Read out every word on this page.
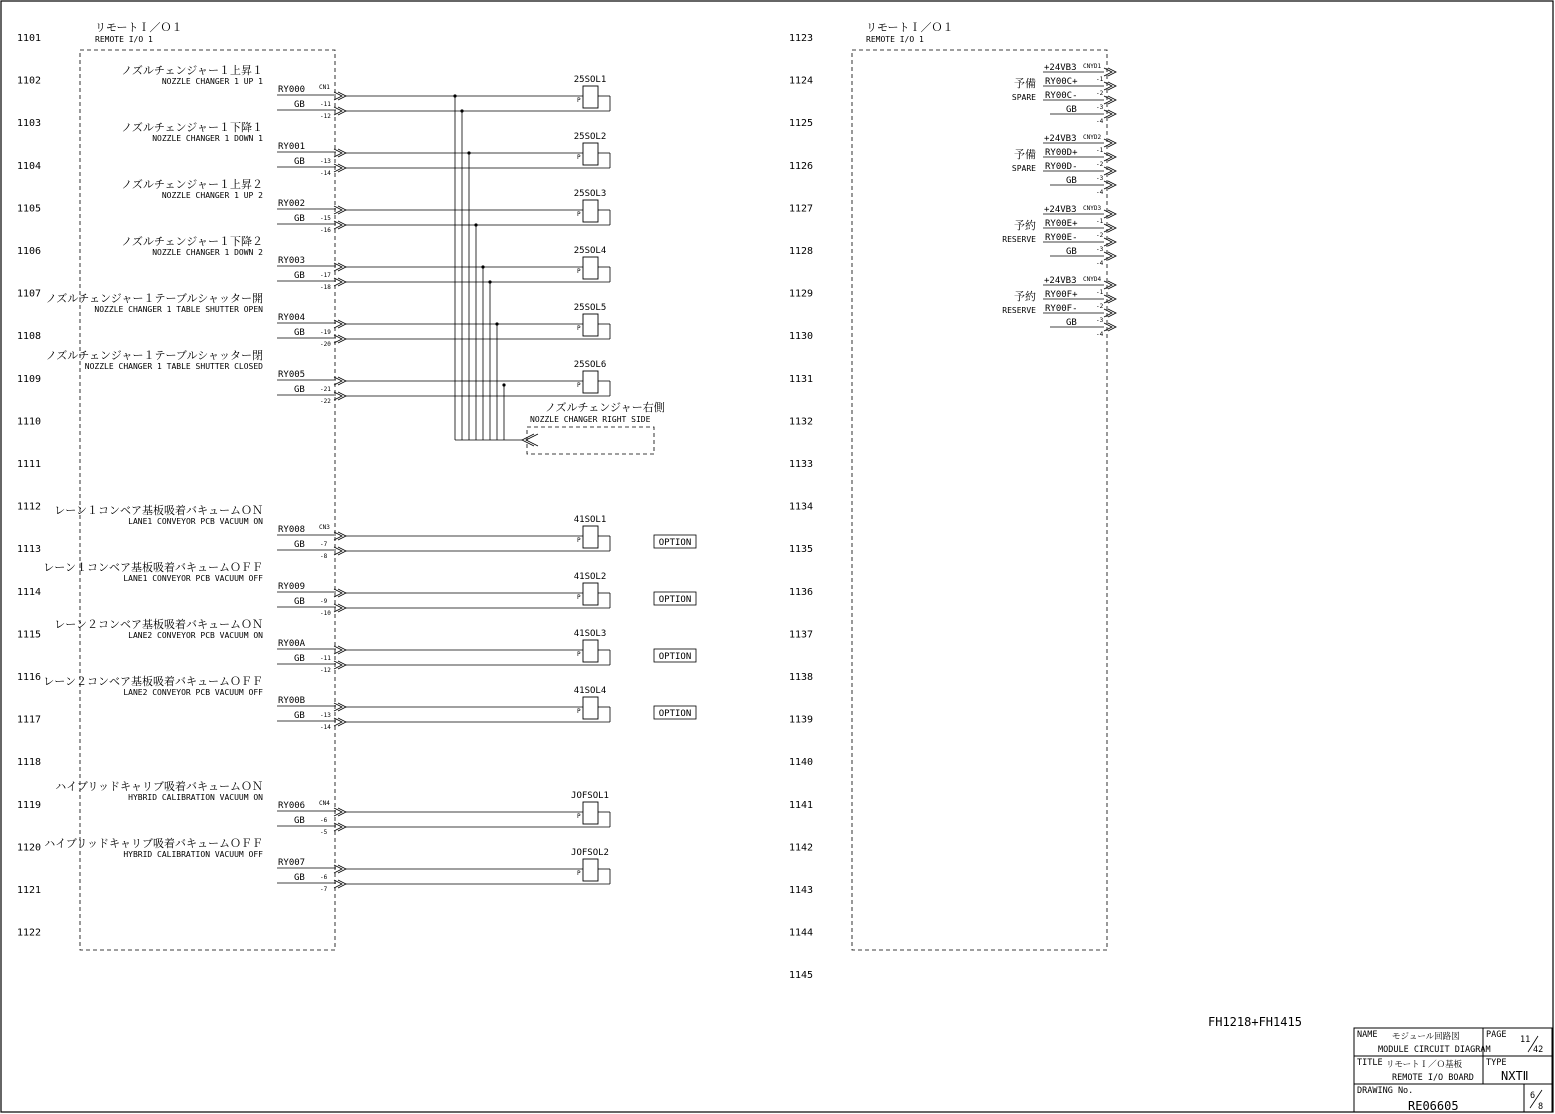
1101
1102
1103
1104
1105
1106
1107
1108
1109
1110
1111
1112
1113
1114
1115
1116
1117
1118
1119
1120
1121
1122
1123
1124
1125
1126
1127
1128
1129
1130
1131
1132
1133
1134
1135
1136
1137
1138
1139
1140
1141
1142
1143
1144
1145
リモートＩ／Ｏ１
REMOTE I/O 1
ノズルチェンジャー１上昇１
NOZZLE CHANGER 1 UP 1
RY000
GB
CN1
-11
-12
25SOL1
P
ノズルチェンジャー１下降１
NOZZLE CHANGER 1 DOWN 1
RY001
GB	-13
-14
25SOL2
P
ノズルチェンジャー１上昇２
NOZZLE CHANGER 1 UP 2
RY002
GB	-15
-16
25SOL3
P
ノズルチェンジャー１下降２
NOZZLE CHANGER 1 DOWN 2
RY003
GB	-17
-18
25SOL4
P
ノズルチェンジャー１テーブルシャッター開
NOZZLE CHANGER 1 TABLE SHUTTER OPEN
RY004
GB	-19
-20
25SOL5
P
ノズルチェンジャー１テーブルシャッター閉
NOZZLE CHANGER 1 TABLE SHUTTER CLOSED
RY005
GB	-21
-22
25SOL6
P
レーン１コンベア基板吸着バキュームＯＮ
LANE1 CONVEYOR PCB VACUUM ON
RY008
GB
CN3
-7
-8
41SOL1
P	OPTION
レーン１コンベア基板吸着バキュームＯＦＦ
LANE1 CONVEYOR PCB VACUUM OFF
RY009
GB	-9
-10
41SOL2
P	OPTION
レーン２コンベア基板吸着バキュームＯＮ
LANE2 CONVEYOR PCB VACUUM ON
RY00A
GB	-11
-12
41SOL3
P	OPTION
レーン２コンベア基板吸着バキュームＯＦＦ
LANE2 CONVEYOR PCB VACUUM OFF
RY00B
GB	-13
-14
41SOL4
P	OPTION
ハイブリッドキャリブ吸着バキュームＯＮ
HYBRID CALIBRATION VACUUM ON
RY006
GB
CN4
-6
-5
JOFSOL1
P
ハイブリッドキャリブ吸着バキュームＯＦＦ
HYBRID CALIBRATION VACUUM OFF
RY007
GB	-6
-7
JOFSOL2
P
ノズルチェンジャー右側
NOZZLE CHANGER RIGHT SIDE
リモートＩ／Ｏ１
REMOTE I/O 1
+24VB3 CNYD1
予備
SPARE
RY00C+
RY00C-
GB
-1
-2
-3
-4
+24VB3 CNYD2
予備
SPARE
RY00D+
RY00D-
GB
-1
-2
-3
-4
+24VB3 CNYD3
予約
RESERVE
RY00E+
RY00E-
GB
-1
-2
-3
-4
+24VB3 CNYD4
予約
RESERVE
RY00F+
RY00F-
GB
-1
-2
-3
-4
FH1218+FH1415
NAME モジュール回路図
MODULE CIRCUIT DIAGRAM
PAGE 11
42
TITLE リモートＩ／Ｏ基板
REMOTE I/O BOARD
TYPE
NXTⅡ
DRAWING No.
RE06605
6
8
